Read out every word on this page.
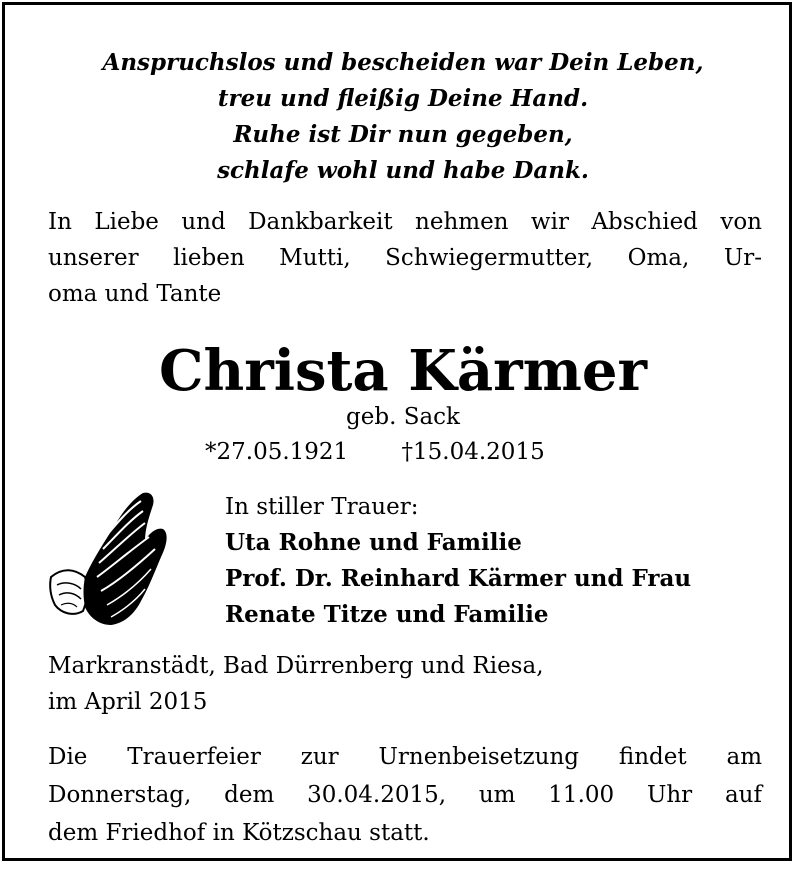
Anspruchslos und bescheiden war Dein Leben,
treu und fleißig Deine Hand.
Ruhe ist Dir nun gegeben,
schlafe wohl und habe Dank.
In Liebe und Dankbarkeit nehmen wir Abschied von
unserer lieben Mutti, Schwiegermutter, Oma, Ur-
oma und Tante
Christa Kärmer
geb. Sack
*27.05.1921 †15.04.2015
In stiller Trauer:
Uta Rohne und Familie
Prof. Dr. Reinhard Kärmer und Frau
Renate Titze und Familie
Markranstädt, Bad Dürrenberg und Riesa,
im April 2015
Die Trauerfeier zur Urnenbeisetzung findet am
Donnerstag, dem 30.04.2015, um 11.00 Uhr auf
dem Friedhof in Kötzschau statt.
